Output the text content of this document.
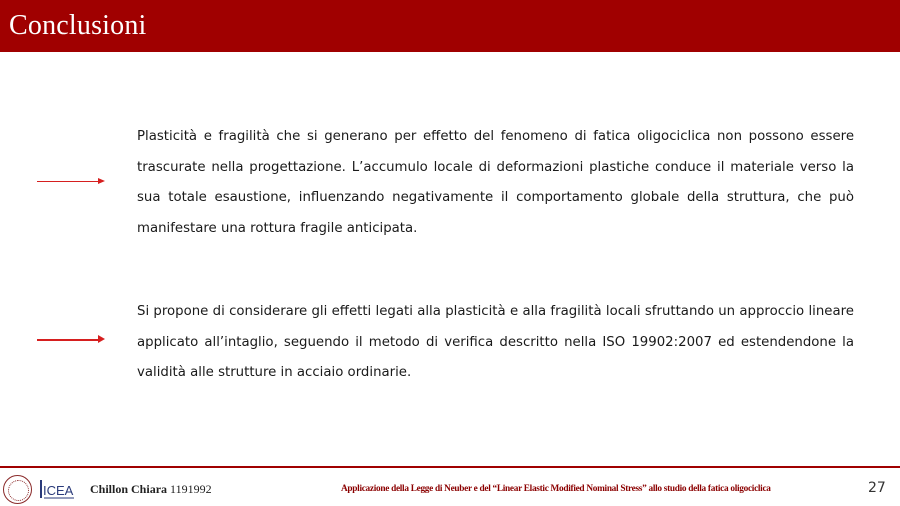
Conclusioni

Plasticità e fragilità che si generano per effetto del fenomeno di fatica oligociclica non possono essere trascurate nella progettazione. L’accumulo locale di deformazioni plastiche conduce il materiale verso la sua totale esaustione, influenzando negativamente il comportamento globale della struttura, che può manifestare una rottura fragile anticipata.

Si propone di considerare gli effetti legati alla plasticità e alla fragilità locali sfruttando un approccio lineare applicato all’intaglio, seguendo il metodo di verifica descritto nella ISO 19902:2007 ed estendendone la validità alle strutture in acciaio ordinarie.

ICEA Chillon Chiara 1191992	Applicazione della Legge di Neuber e del “Linear Elastic Modified Nominal Stress” allo studio della fatica oligociclica	27
